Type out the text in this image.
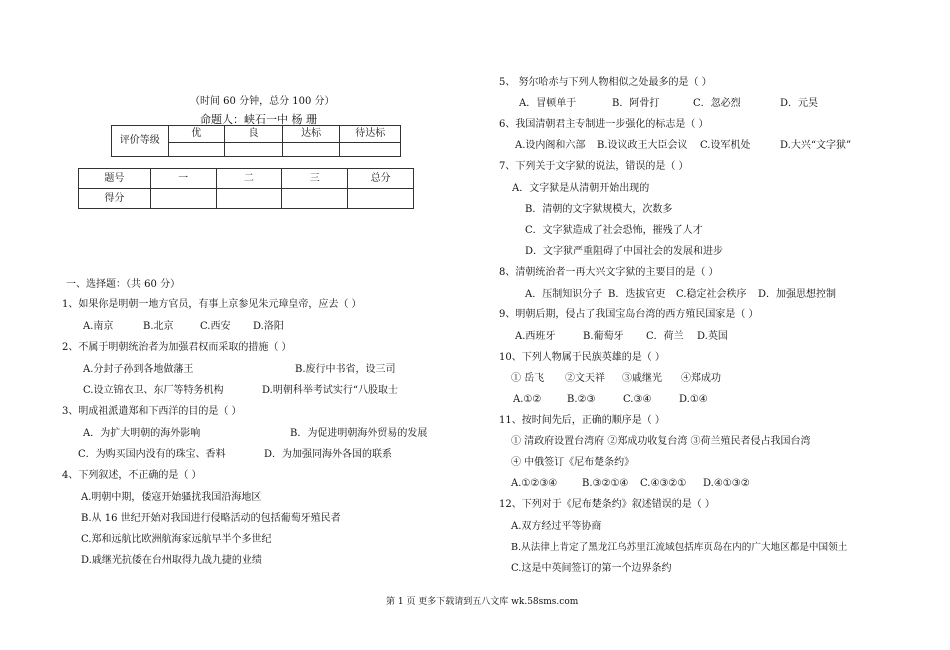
（时间 60 分钟，总分 100 分）
命题人：峡石一中 杨 珊
评价等级	优	良	达标	待达标

题号	一	二	三	总分
得分				
一、选择题：（共 60 分）
1、如果你是明朝一地方官员，有事上京参见朱元璋皇帝，应去（ ）
A.南京	B.北京	C.西安 D.洛阳
2、不属于明朝统治者为加强君权而采取的措施（ ）
A.分封子孙到各地做藩王	B.废行中书省，设三司
C.设立锦衣卫、东厂等特务机构	D.明朝科举考试实行“八股取士
3、明成祖派遣郑和下西洋的目的是（ ）
A．为扩大明朝的海外影响	B．为促进明朝海外贸易的发展
C．为购买国内没有的珠宝、香料	D．为加强同海外各国的联系
4、下列叙述，不正确的是（ ）
A.明朝中期，倭寇开始骚扰我国沿海地区
B.从 16 世纪开始对我国进行侵略活动的包括葡萄牙殖民者
C.郑和远航比欧洲航海家远航早半个多世纪
D.戚继光抗倭在台州取得九战九捷的业绩
5、 努尔哈赤与下列人物相似之处最多的是（ ）
A．冒顿单于	B．阿骨打	C．忽必烈	D．元昊
6、我国清朝君主专制进一步强化的标志是（ ）
A.设内阁和六部 B.设议政王大臣会议 C.设军机处	D.大兴“文字狱”
7、下列关于文字狱的说法，错误的是（ ）
A．文字狱是从清朝开始出现的
B．清朝的文字狱规模大，次数多
C．文字狱造成了社会恐怖，摧残了人才
D．文字狱严重阻碍了中国社会的发展和进步
8、清朝统治者一再大兴文字狱的主要目的是（ ）
A．压制知识分子 B．迭拔官吏 C.稳定社会秩序 D．加强思想控制
9、明朝后期，侵占了我国宝岛台湾的西方殖民国家是（ ）
A.西班牙	B.葡萄牙 C．荷兰 D.英国
10、下列人物属于民族英雄的是（ ）
① 岳飞 ②文天祥 ③戚继光 ④郑成功
A.①②	B.②③	C.③④	D.①④
11、按时间先后，正确的顺序是（ ）
① 清政府设置台湾府 ②郑成功收复台湾 ③荷兰殖民者侵占我国台湾
④ 中俄签订《尼布楚条约》
A.①②③④ B.③②①④ C.④③②① D.④①③②
12、下列对于《尼布楚条约》叙述错误的是（ ）
A.双方经过平等协商
B.从法律上肯定了黑龙江乌苏里江流域包括库页岛在内的广大地区都是中国领土
C.这是中英间签订的第一个边界条约
第 1 页 更多下载请到五八文库 wk.58sms.com
